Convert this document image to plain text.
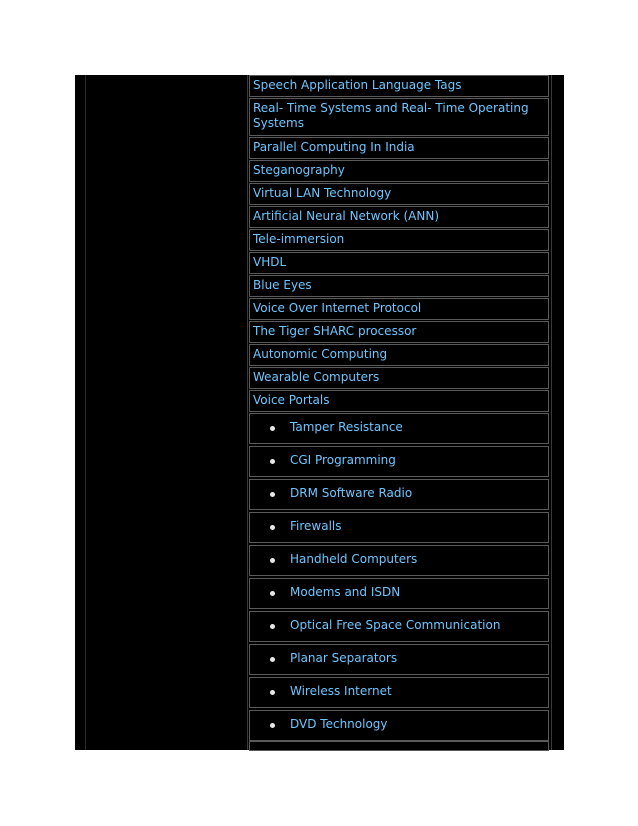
Speech Application Language Tags
Real- Time Systems and Real- Time Operating Systems
Parallel Computing In India
Steganography
Virtual LAN Technology
Artificial Neural Network (ANN)
Tele-immersion
VHDL
Blue Eyes
Voice Over Internet Protocol
The Tiger SHARC processor
Autonomic Computing
Wearable Computers
Voice Portals
Tamper Resistance
CGI Programming
DRM Software Radio
Firewalls
Handheld Computers
Modems and ISDN
Optical Free Space Communication
Planar Separators
Wireless Internet
DVD Technology
